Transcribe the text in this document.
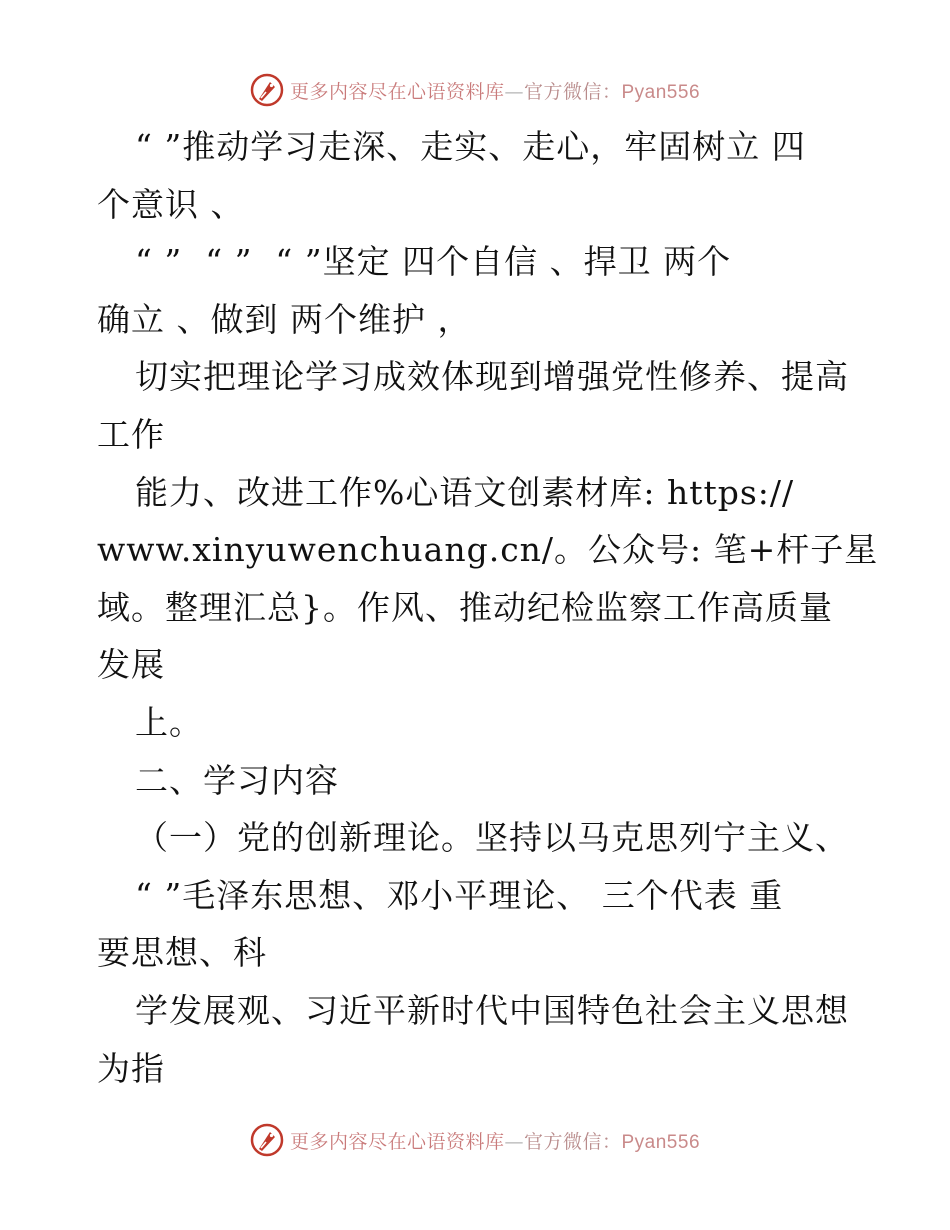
更多内容尽在心语资料库—官方微信：Pyan556
“ ”推动学习走深、走实、走心，牢固树立 四
个意识 、
“ ”  “ ”  “ ”坚定 四个自信 、捍卫 两个
确立 、做到 两个维护 ，
切实把理论学习成效体现到增强党性修养、提高
工作
能力、改进工作%心语文创素材库: https://
www.xinyuwenchuang.cn/。公众号: 笔+杆子星
域。整理汇总}。作风、推动纪检监察工作高质量
发展
上。
二、学习内容
（一）党的创新理论。坚持以马克思列宁主义、
“ ”毛泽东思想、邓小平理论、 三个代表 重
要思想、科
学发展观、习近平新时代中国特色社会主义思想
为指
更多内容尽在心语资料库—官方微信：Pyan556
